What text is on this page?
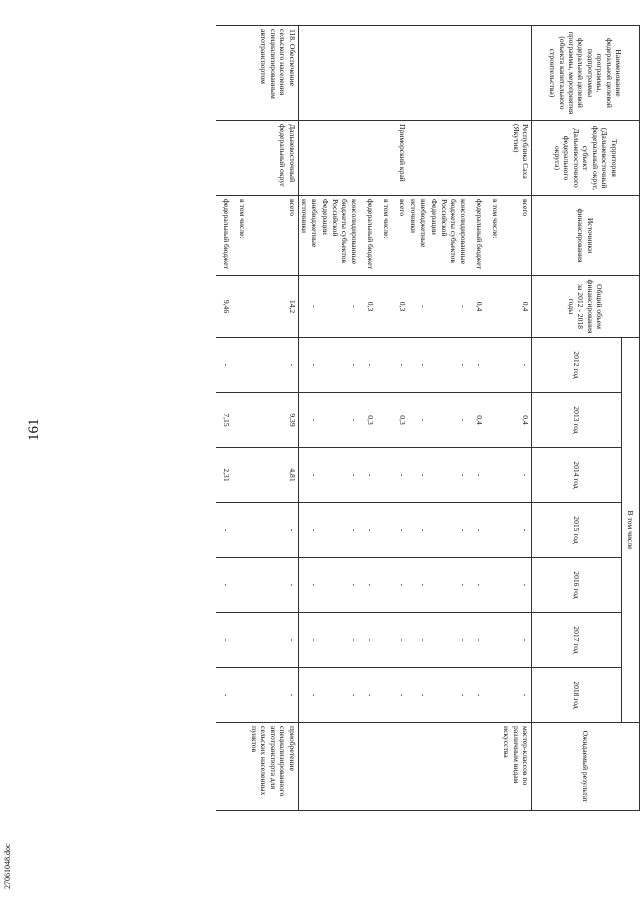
161
27061048.doc
Наименование федеральной целевой программы, подпрограммы федеральной целевой программы, мероприятия (объекта капитального строительства)	Территория (Дальневосточный федеральный округ, субъект Дальневосточного федерального округа)	Источники финансирования	Общий объем финансирования за 2012 - 2018 годы	В том числе							Ожидаемый результат
				2012 год	2013 год	2014 год	2015 год	2016 год	2017 год	2018 год	

	Республика Саха (Якутия)	всего	0,4	-	0,4	-	-	-	-	-	мастер-классов по различным видам искусства

		в том числе:									

		федеральный бюджет	0,4	-	0,4	-	-	-	-	-	

		консолидированные бюджеты субъектов Российской Федерации	-	-	-	-	-	-	-	-	

		внебюджетные источники	-	-	-	-	-	-	-	-	

	Приморский край	всего	0,3	-	0,3	-	-	-	-	-	

		в том числе:									

		федеральный бюджет	0,3	-	0,3	-	-	-	-	-	

		консолидированные бюджеты субъектов Российской Федерации	-	-	-	-	-	-	-	-	

		внебюджетные источники	-	-	-	-	-	-	-	-	

118. Обеспечение сельского населения специализированным автотранспортом	Дальневосточный федеральный округ	всего	14,2	-	9,39	4,81	-	-	-	-	приобретение специализированного автотранспорта для сельских населенных пунктов

		в том числе:									

		федеральный бюджет	9,46	-	7,15	2,31	-	-	-	-	
